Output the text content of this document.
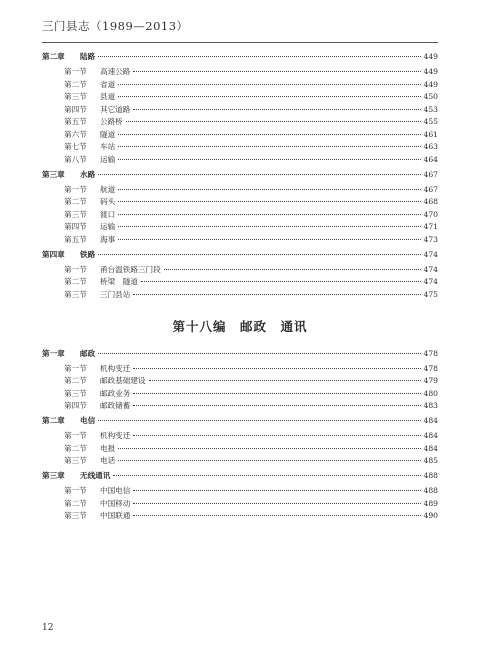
三门县志（1989—2013）
第二章	陆路	449
第一节	高速公路	449
第二节	省道	449
第三节	县道	450
第四节	其它道路	453
第五节	公路桥	455
第六节	隧道	461
第七节	车站	463
第八节	运输	464
第三章	水路	467
第一节	航道	467
第二节	码头	468
第三节	渡口	470
第四节	运输	471
第五节	海事	473
第四章	铁路	474
第一节	甬台温铁路三门段	474
第二节	桥梁　隧道	474
第三节	三门县站	475
第十八编　邮政　通讯
第一章	邮政	478
第一节	机构变迁	478
第二节	邮政基础建设	479
第三节	邮政业务	480
第四节	邮政储蓄	483
第二章	电信	484
第一节	机构变迁	484
第二节	电报	484
第三节	电话	485
第三章	无线通讯	488
第一节	中国电信	488
第二节	中国移动	489
第三节	中国联通	490
12
